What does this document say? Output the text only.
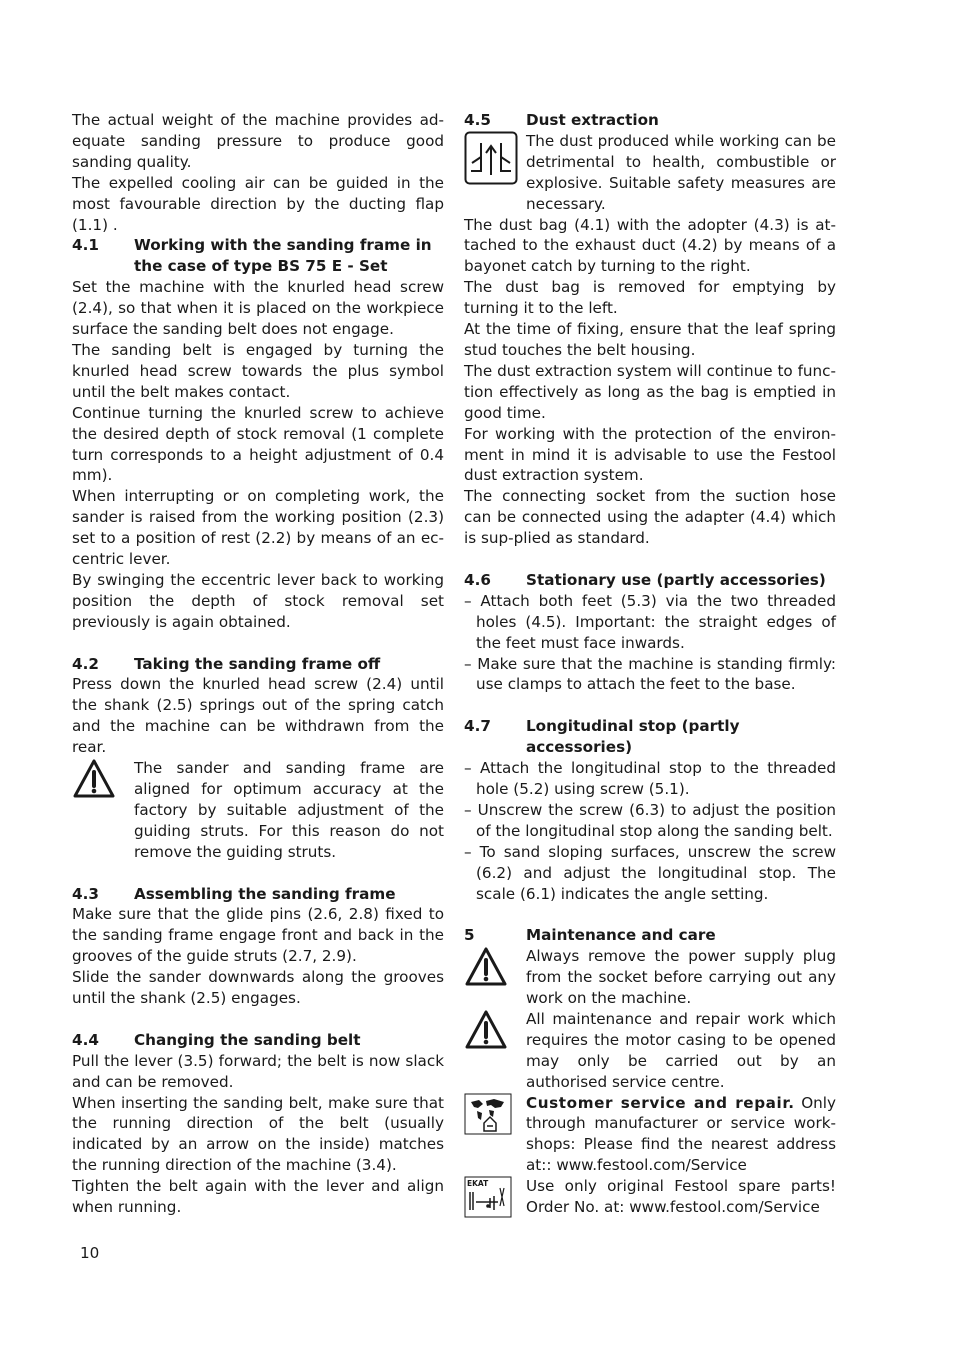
The actual weight of the machine provides ad-equate sanding pressure to produce good sanding quality.

The expelled cooling air can be guided in the most favourable direction by the ducting flap (1.1) .

4.1	Working with the sanding frame in the case of type BS 75 E - Set

Set the machine with the knurled head screw (2.4), so that when it is placed on the workpiece surface the sanding belt does not engage.

The sanding belt is engaged by turning the knurled head screw towards the plus symbol until the belt makes contact.

Continue turning the knurled screw to achieve the desired depth of stock removal (1 complete turn corresponds to a height adjustment of 0.4 mm).

When interrupting or on completing work, the sander is raised from the working position (2.3) set to a position of rest (2.2) by means of an ec-centric lever.

By swinging the eccentric lever back to working position the depth of stock removal set previously is again obtained.

4.2	Taking the sanding frame off

Press down the knurled head screw (2.4) until the shank (2.5) springs out of the spring catch and the machine can be withdrawn from the rear.

The sander and sanding frame are aligned for optimum accuracy at the factory by suitable adjustment of the guiding struts. For this reason do not remove the guiding struts.
4.3	Assembling the sanding frame

Make sure that the glide pins (2.6, 2.8) fixed to the sanding frame engage front and back in the grooves of the guide struts (2.7, 2.9).

Slide the sander downwards along the grooves until the shank (2.5) engages.

4.4	Changing the sanding belt

Pull the lever (3.5) forward; the belt is now slack and can be removed.

When inserting the sanding belt, make sure that the running direction of the belt (usually indicated by an arrow on the inside) matches the running direction of the machine (3.4).

Tighten the belt again with the lever and align when running.

4.5	Dust extraction
The dust produced while working can be detrimental to health, combustible or explosive. Suitable safety measures are necessary.

The dust bag (4.1) with the adopter (4.3) is at-tached to the exhaust duct (4.2) by means of a bayonet catch by turning to the right.

The dust bag is removed for emptying by turning it to the left.

At the time of fixing, ensure that the leaf spring stud touches the belt housing.

The dust extraction system will continue to func-tion effectively as long as the bag is emptied in good time.

For working with the protection of the environ-ment in mind it is advisable to use the Festool dust extraction system.

The connecting socket from the suction hose can be connected using the adapter (4.4) which is sup-plied as standard.

4.6	Stationary use (partly accessories)

– Attach both feet (5.3) via the two threaded holes (4.5). Important: the straight edges of the feet must face inwards.

– Make sure that the machine is standing firmly: use clamps to attach the feet to the base.

4.7	Longitudinal stop (partly accessories)

– Attach the longitudinal stop to the threaded hole (5.2) using screw (5.1).

– Unscrew the screw (6.3) to adjust the position of the longitudinal stop along the sanding belt.

– To sand sloping surfaces, unscrew the screw (6.2) and adjust the longitudinal stop. The scale (6.1) indicates the angle setting.

5	Maintenance and care
Always remove the power supply plug from the socket before carrying out any work on the machine.
All maintenance and repair work which requires the motor casing to be opened may only be carried out by an authorised service centre.
Customer service and repair. Only through manufacturer or service work-shops: Please find the nearest address at:: www.festool.com/Service
EKAT Use only original Festool spare parts! Order No. at: www.festool.com/Service
10
